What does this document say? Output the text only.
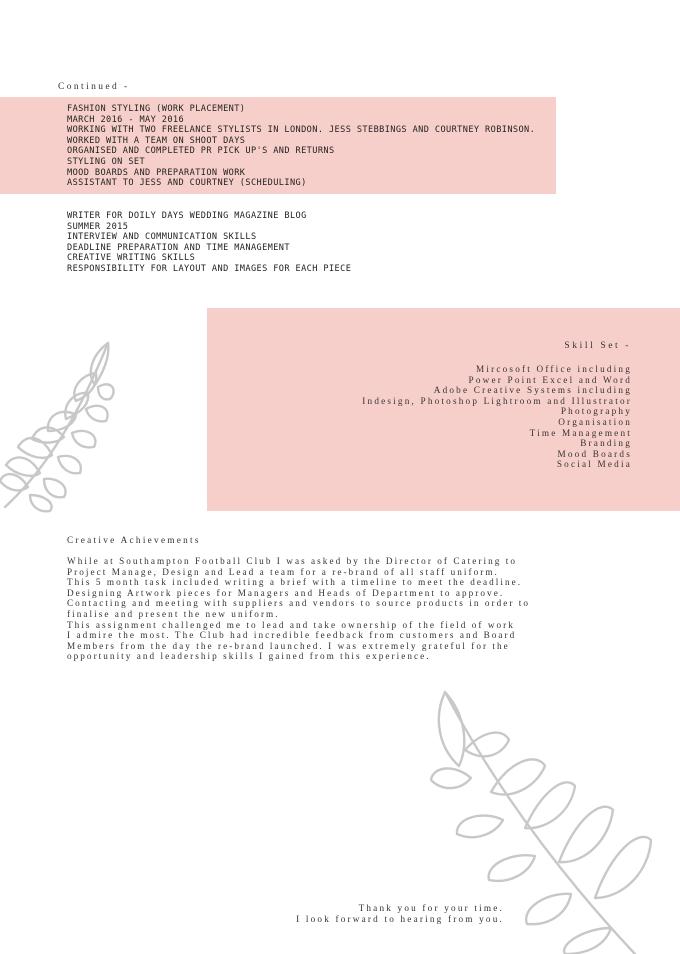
Continued -
FASHION STYLING (WORK PLACEMENT)
MARCH 2016 - MAY 2016
WORKING WITH TWO FREELANCE STYLISTS IN LONDON. JESS STEBBINGS AND COURTNEY ROBINSON.
WORKED WITH A TEAM ON SHOOT DAYS
ORGANISED AND COMPLETED PR PICK UP'S AND RETURNS
STYLING ON SET
MOOD BOARDS AND PREPARATION WORK
ASSISTANT TO JESS AND COURTNEY (SCHEDULING)
WRITER FOR DOILY DAYS WEDDING MAGAZINE BLOG
SUMMER 2015
INTERVIEW AND COMMUNICATION SKILLS
DEADLINE PREPARATION AND TIME MANAGEMENT
CREATIVE WRITING SKILLS
RESPONSIBILITY FOR LAYOUT AND IMAGES FOR EACH PIECE
Skill Set -
Mircosoft Office including
Power Point Excel and Word
Adobe Creative Systems including
Indesign, Photoshop Lightroom and Illustrator
Photography
Organisation
Time Management
Branding
Mood Boards
Social Media
Creative Achievements
While at Southampton Football Club I was asked by the Director of Catering to
Project Manage, Design and Lead a team for a re-brand of all staff uniform.
This 5 month task included writing a brief with a timeline to meet the deadline.
Designing Artwork pieces for Managers and Heads of Department to approve.
Contacting and meeting with suppliers and vendors to source products in order to
finalise and present the new uniform.
This assignment challenged me to lead and take ownership of the field of work
I admire the most. The Club had incredible feedback from customers and Board
Members from the day the re-brand launched. I was extremely grateful for the
opportunity and leadership skills I gained from this experience.
Thank you for your time.
I look forward to hearing from you.
